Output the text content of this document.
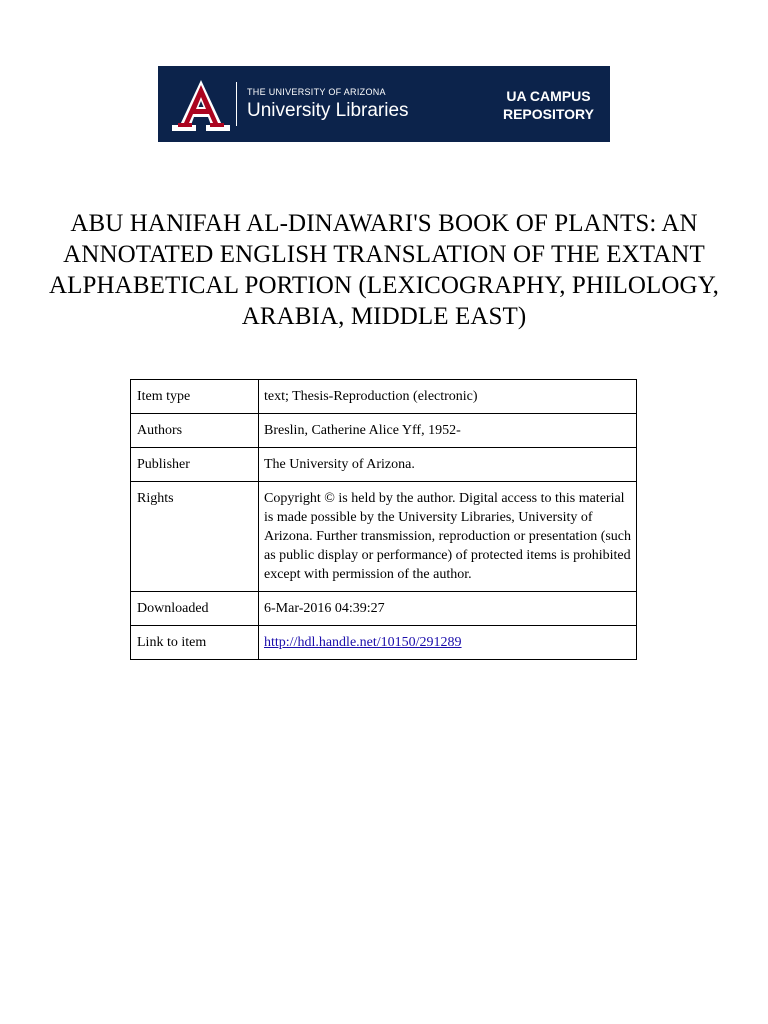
THE UNIVERSITY OF ARIZONA
University Libraries
UA CAMPUS
REPOSITORY
ABU HANIFAH AL-DINAWARI'S BOOK OF PLANTS: AN ANNOTATED ENGLISH TRANSLATION OF THE EXTANT ALPHABETICAL PORTION (LEXICOGRAPHY, PHILOLOGY, ARABIA, MIDDLE EAST)
Item type	text; Thesis-Reproduction (electronic)
Authors	Breslin, Catherine Alice Yff, 1952-
Publisher	The University of Arizona.
Rights	Copyright © is held by the author. Digital access to this material is made possible by the University Libraries, University of Arizona. Further transmission, reproduction or presentation (such as public display or performance) of protected items is prohibited except with permission of the author.
Downloaded	6-Mar-2016 04:39:27
Link to item	http://hdl.handle.net/10150/291289
